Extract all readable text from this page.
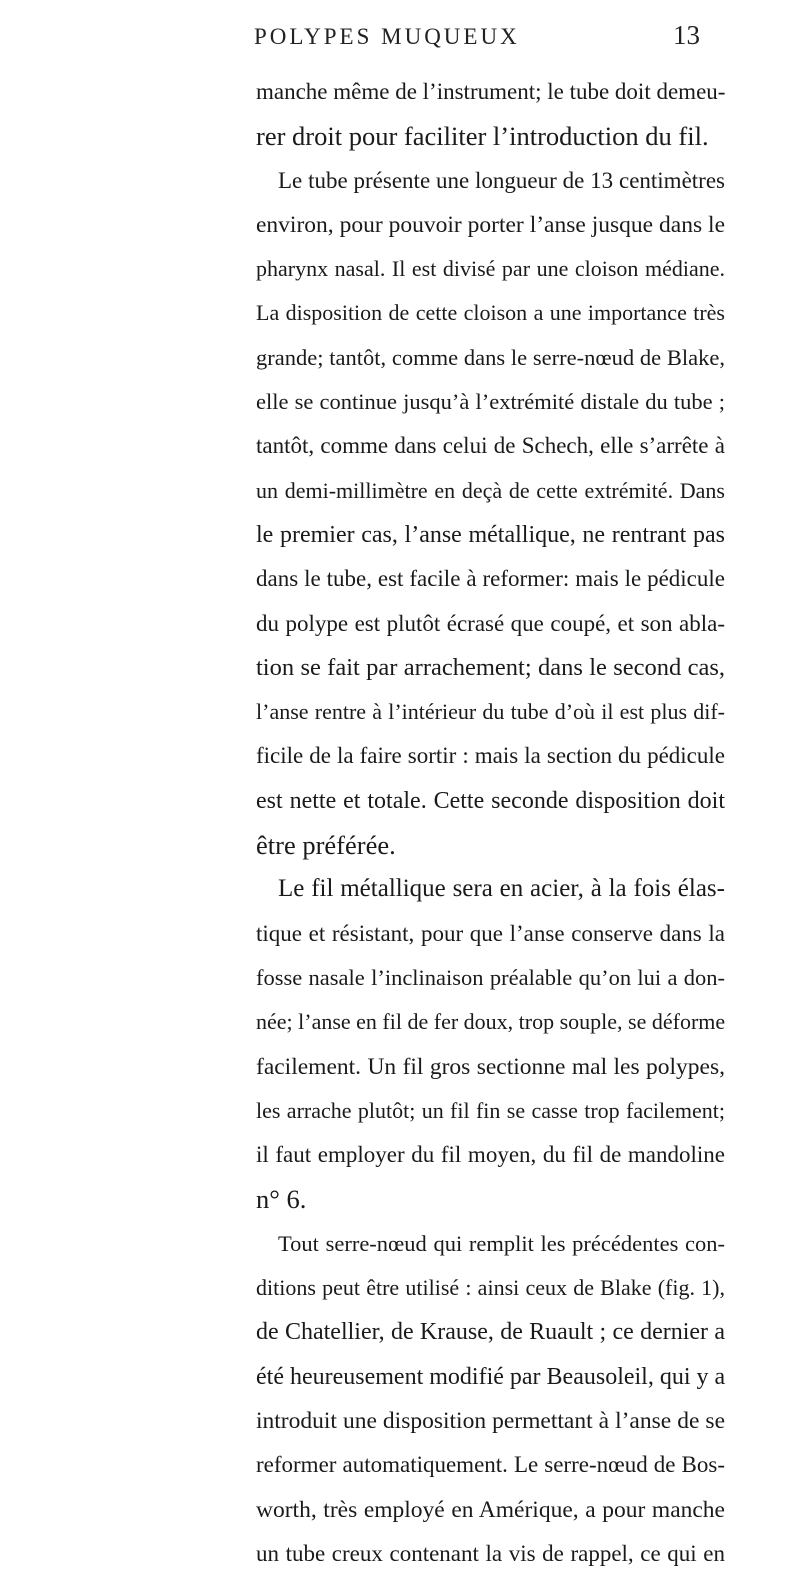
POLYPES MUQUEUX	13
manche même de l’instrument; le tube doit demeu-
rer droit pour faciliter l’introduction du fil.
Le tube présente une longueur de 13 centimètres
environ, pour pouvoir porter l’anse jusque dans le
pharynx nasal. Il est divisé par une cloison médiane.
La disposition de cette cloison a une importance très
grande; tantôt, comme dans le serre-nœud de Blake,
elle se continue jusqu’à l’extrémité distale du tube ;
tantôt, comme dans celui de Schech, elle s’arrête à
un demi-millimètre en deçà de cette extrémité. Dans
le premier cas, l’anse métallique, ne rentrant pas
dans le tube, est facile à reformer: mais le pédicule
du polype est plutôt écrasé que coupé, et son abla-
tion se fait par arrachement; dans le second cas,
l’anse rentre à l’intérieur du tube d’où il est plus dif-
ficile de la faire sortir : mais la section du pédicule
est nette et totale. Cette seconde disposition doit
être préférée.
Le fil métallique sera en acier, à la fois élas-
tique et résistant, pour que l’anse conserve dans la
fosse nasale l’inclinaison préalable qu’on lui a don-
née; l’anse en fil de fer doux, trop souple, se déforme
facilement. Un fil gros sectionne mal les polypes,
les arrache plutôt; un fil fin se casse trop facilement;
il faut employer du fil moyen, du fil de mandoline
n° 6.
Tout serre-nœud qui remplit les précédentes con-
ditions peut être utilisé : ainsi ceux de Blake (fig. 1),
de Chatellier, de Krause, de Ruault ; ce dernier a
été heureusement modifié par Beausoleil, qui y a
introduit une disposition permettant à l’anse de se
reformer automatiquement. Le serre-nœud de Bos-
worth, très employé en Amérique, a pour manche
un tube creux contenant la vis de rappel, ce qui en
